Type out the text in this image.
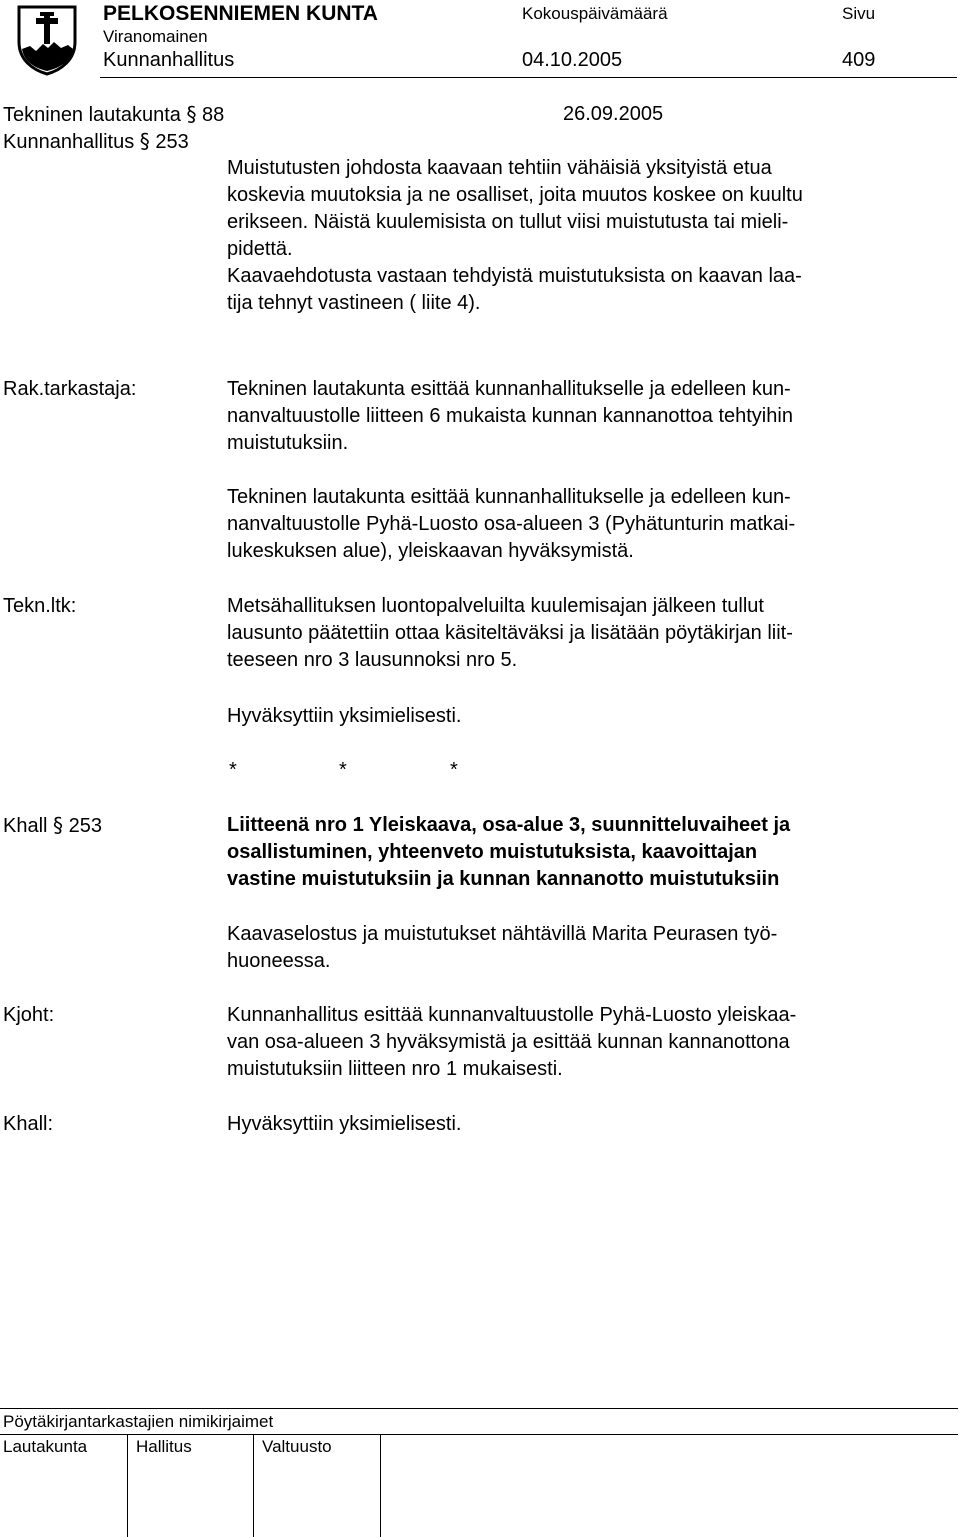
PELKOSENNIEMEN KUNTA	Kokouspäivämäärä	Sivu
Viranomainen
Kunnanhallitus	04.10.2005	409
Tekninen lautakunta § 88	26.09.2005
Kunnanhallitus § 253
Muistutusten johdosta kaavaan tehtiin vähäisiä yksityistä etua
koskevia muutoksia ja ne osalliset, joita muutos koskee on kuultu
erikseen. Näistä kuulemisista on tullut viisi muistutusta tai mieli-
pidettä.
Kaavaehdotusta vastaan tehdyistä muistutuksista on kaavan laa-
tija tehnyt vastineen ( liite 4).
Rak.tarkastaja:	Tekninen lautakunta esittää kunnanhallitukselle ja edelleen kun-
nanvaltuustolle liitteen 6 mukaista kunnan kannanottoa tehtyihin
muistutuksiin.
Tekninen lautakunta esittää kunnanhallitukselle ja edelleen kun-
nanvaltuustolle Pyhä-Luosto osa-alueen 3 (Pyhätunturin matkai-
lukeskuksen alue), yleiskaavan hyväksymistä.
Tekn.ltk:	Metsähallituksen luontopalveluilta kuulemisajan jälkeen tullut
lausunto päätettiin ottaa käsiteltäväksi ja lisätään pöytäkirjan liit-
teeseen nro 3 lausunnoksi nro 5.
Hyväksyttiin yksimielisesti.
*	*	*
Khall § 253	Liitteenä nro 1 Yleiskaava, osa-alue 3, suunnitteluvaiheet ja
osallistuminen, yhteenveto muistutuksista, kaavoittajan
vastine muistutuksiin ja kunnan kannanotto muistutuksiin
Kaavaselostus ja muistutukset nähtävillä Marita Peurasen työ-
huoneessa.
Kjoht:	Kunnanhallitus esittää kunnanvaltuustolle Pyhä-Luosto yleiskaa-
van osa-alueen 3 hyväksymistä ja esittää kunnan kannanottona
muistutuksiin liitteen nro 1 mukaisesti.
Khall:	Hyväksyttiin yksimielisesti.
Pöytäkirjantarkastajien nimikirjaimet
Lautakunta	Hallitus	Valtuusto
